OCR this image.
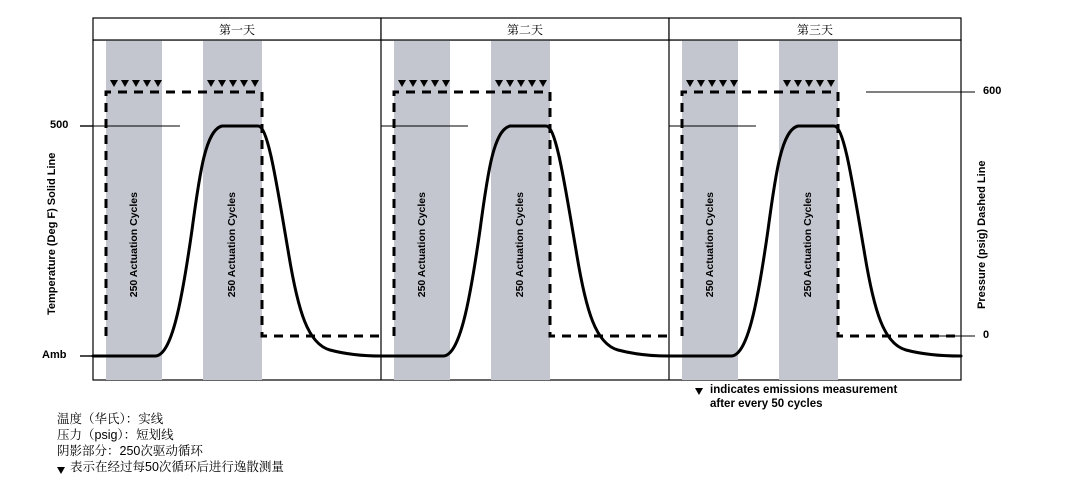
第一天	第二天	第三天
250 Actuation Cycles	250 Actuation Cycles	250 Actuation Cycles	250 Actuation Cycles	250 Actuation Cycles	250 Actuation Cycles
500
Amb
600
0
Temperature (Deg F) Solid Line	Pressure (psig) Dashed Line
indicates emissions measurement
after every 50 cycles
温度（华氏）：实线
压力（psig）：短划线
阴影部分：250次驱动循环
表示在经过每50次循环后进行逸散测量
